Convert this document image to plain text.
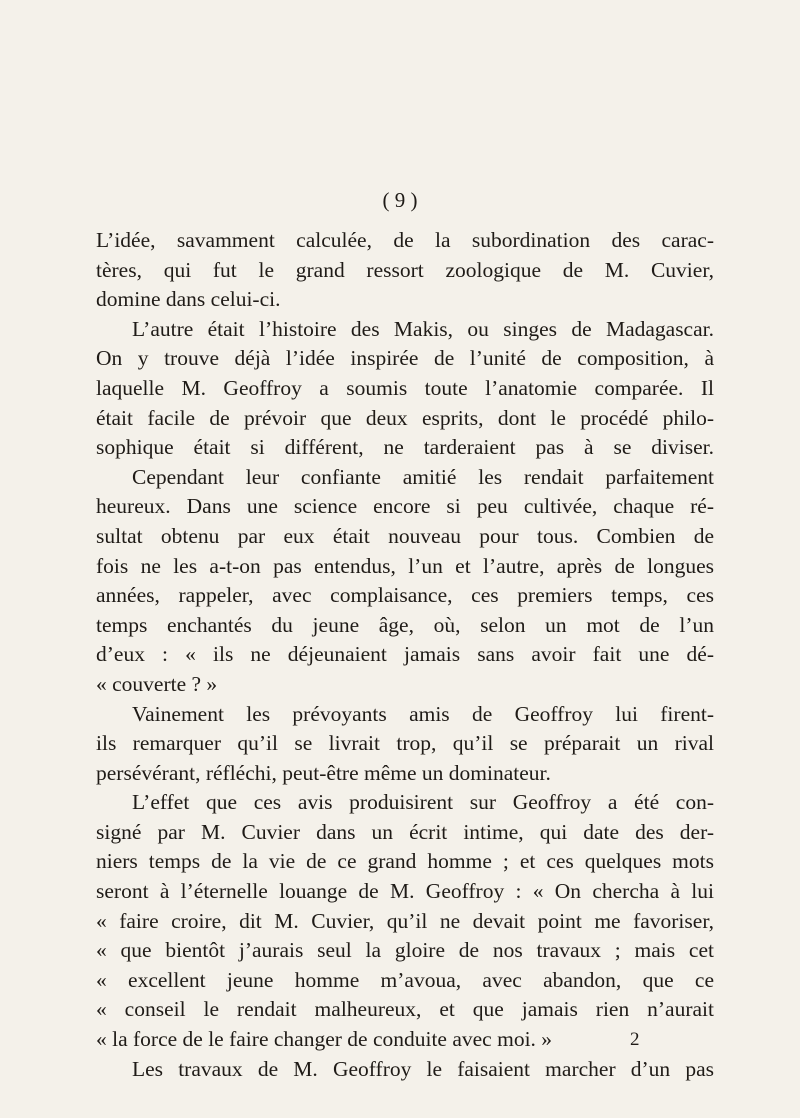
( 9 )

L’idée, savamment calculée, de la subordination des carac-

tères, qui fut le grand ressort zoologique de M. Cuvier,

domine dans celui-ci.

L’autre était l’histoire des Makis, ou singes de Madagascar.

On y trouve déjà l’idée inspirée de l’unité de composition, à

laquelle M. Geoffroy a soumis toute l’anatomie comparée. Il

était facile de prévoir que deux esprits, dont le procédé philo-

sophique était si différent, ne tarderaient pas à se diviser.

Cependant leur confiante amitié les rendait parfaitement

heureux. Dans une science encore si peu cultivée, chaque ré-

sultat obtenu par eux était nouveau pour tous. Combien de

fois ne les a-t-on pas entendus, l’un et l’autre, après de longues

années, rappeler, avec complaisance, ces premiers temps, ces

temps enchantés du jeune âge, où, selon un mot de l’un

d’eux : « ils ne déjeunaient jamais sans avoir fait une dé-

« couverte ? »

Vainement les prévoyants amis de Geoffroy lui firent-

ils remarquer qu’il se livrait trop, qu’il se préparait un rival

persévérant, réfléchi, peut-être même un dominateur.

L’effet que ces avis produisirent sur Geoffroy a été con-

signé par M. Cuvier dans un écrit intime, qui date des der-

niers temps de la vie de ce grand homme ; et ces quelques mots

seront à l’éternelle louange de M. Geoffroy : « On chercha à lui

« faire croire, dit M. Cuvier, qu’il ne devait point me favoriser,

« que bientôt j’aurais seul la gloire de nos travaux ; mais cet

« excellent jeune homme m’avoua, avec abandon, que ce

« conseil le rendait malheureux, et que jamais rien n’aurait

« la force de le faire changer de conduite avec moi. »

Les travaux de M. Geoffroy le faisaient marcher d’un pas

2
